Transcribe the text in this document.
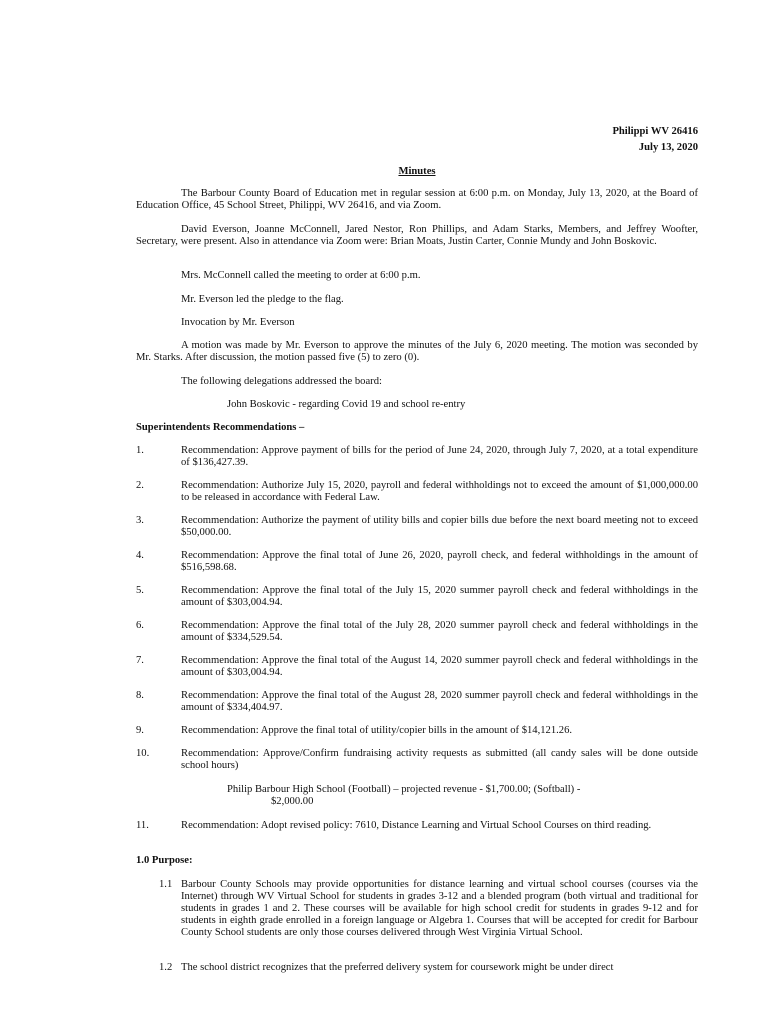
Philippi WV 26416
July 13, 2020
Minutes
The Barbour County Board of Education met in regular session at 6:00 p.m. on Monday, July 13, 2020, at the Board of Education Office, 45 School Street, Philippi, WV 26416, and via Zoom.
David Everson, Joanne McConnell, Jared Nestor, Ron Phillips, and Adam Starks, Members, and Jeffrey Woofter, Secretary, were present. Also in attendance via Zoom were: Brian Moats, Justin Carter, Connie Mundy and John Boskovic.
Mrs. McConnell called the meeting to order at 6:00 p.m.
Mr. Everson led the pledge to the flag.
Invocation by Mr. Everson
A motion was made by Mr. Everson to approve the minutes of the July 6, 2020 meeting. The motion was seconded by Mr. Starks. After discussion, the motion passed five (5) to zero (0).
The following delegations addressed the board:
John Boskovic - regarding Covid 19 and school re-entry
Superintendents Recommendations –
1.	Recommendation: Approve payment of bills for the period of June 24, 2020, through July 7, 2020, at a total expenditure of $136,427.39.
2.	Recommendation: Authorize July 15, 2020, payroll and federal withholdings not to exceed the amount of $1,000,000.00 to be released in accordance with Federal Law.
3.	Recommendation: Authorize the payment of utility bills and copier bills due before the next board meeting not to exceed $50,000.00.
4.	Recommendation: Approve the final total of June 26, 2020, payroll check, and federal withholdings in the amount of $516,598.68.
5.	Recommendation: Approve the final total of the July 15, 2020 summer payroll check and federal withholdings in the amount of $303,004.94.
6.	Recommendation: Approve the final total of the July 28, 2020 summer payroll check and federal withholdings in the amount of $334,529.54.
7.	Recommendation: Approve the final total of the August 14, 2020 summer payroll check and federal withholdings in the amount of $303,004.94.
8.	Recommendation: Approve the final total of the August 28, 2020 summer payroll check and federal withholdings in the amount of $334,404.97.
9.	Recommendation: Approve the final total of utility/copier bills in the amount of $14,121.26.
10.	Recommendation: Approve/Confirm fundraising activity requests as submitted (all candy sales will be done outside school hours)
Philip Barbour High School (Football) – projected revenue - $1,700.00; (Softball) -
$2,000.00
11.	Recommendation: Adopt revised policy: 7610, Distance Learning and Virtual School Courses on third reading.
1.0 Purpose:
1.1 Barbour County Schools may provide opportunities for distance learning and virtual school courses (courses via the Internet) through WV Virtual School for students in grades 3-12 and a blended program (both virtual and traditional for students in grades 1 and 2. These courses will be available for high school credit for students in grades 9-12 and for students in eighth grade enrolled in a foreign language or Algebra 1. Courses that will be accepted for credit for Barbour County School students are only those courses delivered through West Virginia Virtual School.
1.2 The school district recognizes that the preferred delivery system for coursework might be under direct
